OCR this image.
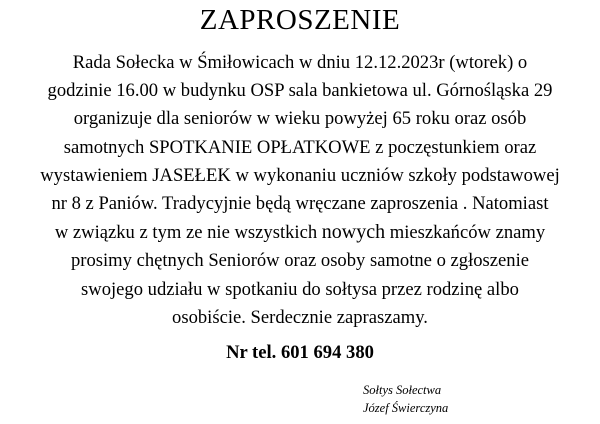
ZAPROSZENIE
Rada Sołecka w Śmiłowicach w dniu 12.12.2023r (wtorek) o
godzinie 16.00 w budynku OSP sala bankietowa ul. Górnośląska 29
organizuje dla seniorów w wieku powyżej 65 roku oraz osób
samotnych SPOTKANIE OPŁATKOWE z poczęstunkiem oraz
wystawieniem JASEŁEK w wykonaniu uczniów szkoły podstawowej
nr 8 z Paniów. Tradycyjnie będą wręczane zaproszenia . Natomiast
w związku z tym ze nie wszystkich nowych mieszkańców znamy
prosimy chętnych Seniorów oraz osoby samotne o zgłoszenie
swojego udziału w spotkaniu do sołtysa przez rodzinę albo
osobiście. Serdecznie zapraszamy.
Nr tel. 601 694 380
Sołtys Sołectwa
Józef Świerczyna
